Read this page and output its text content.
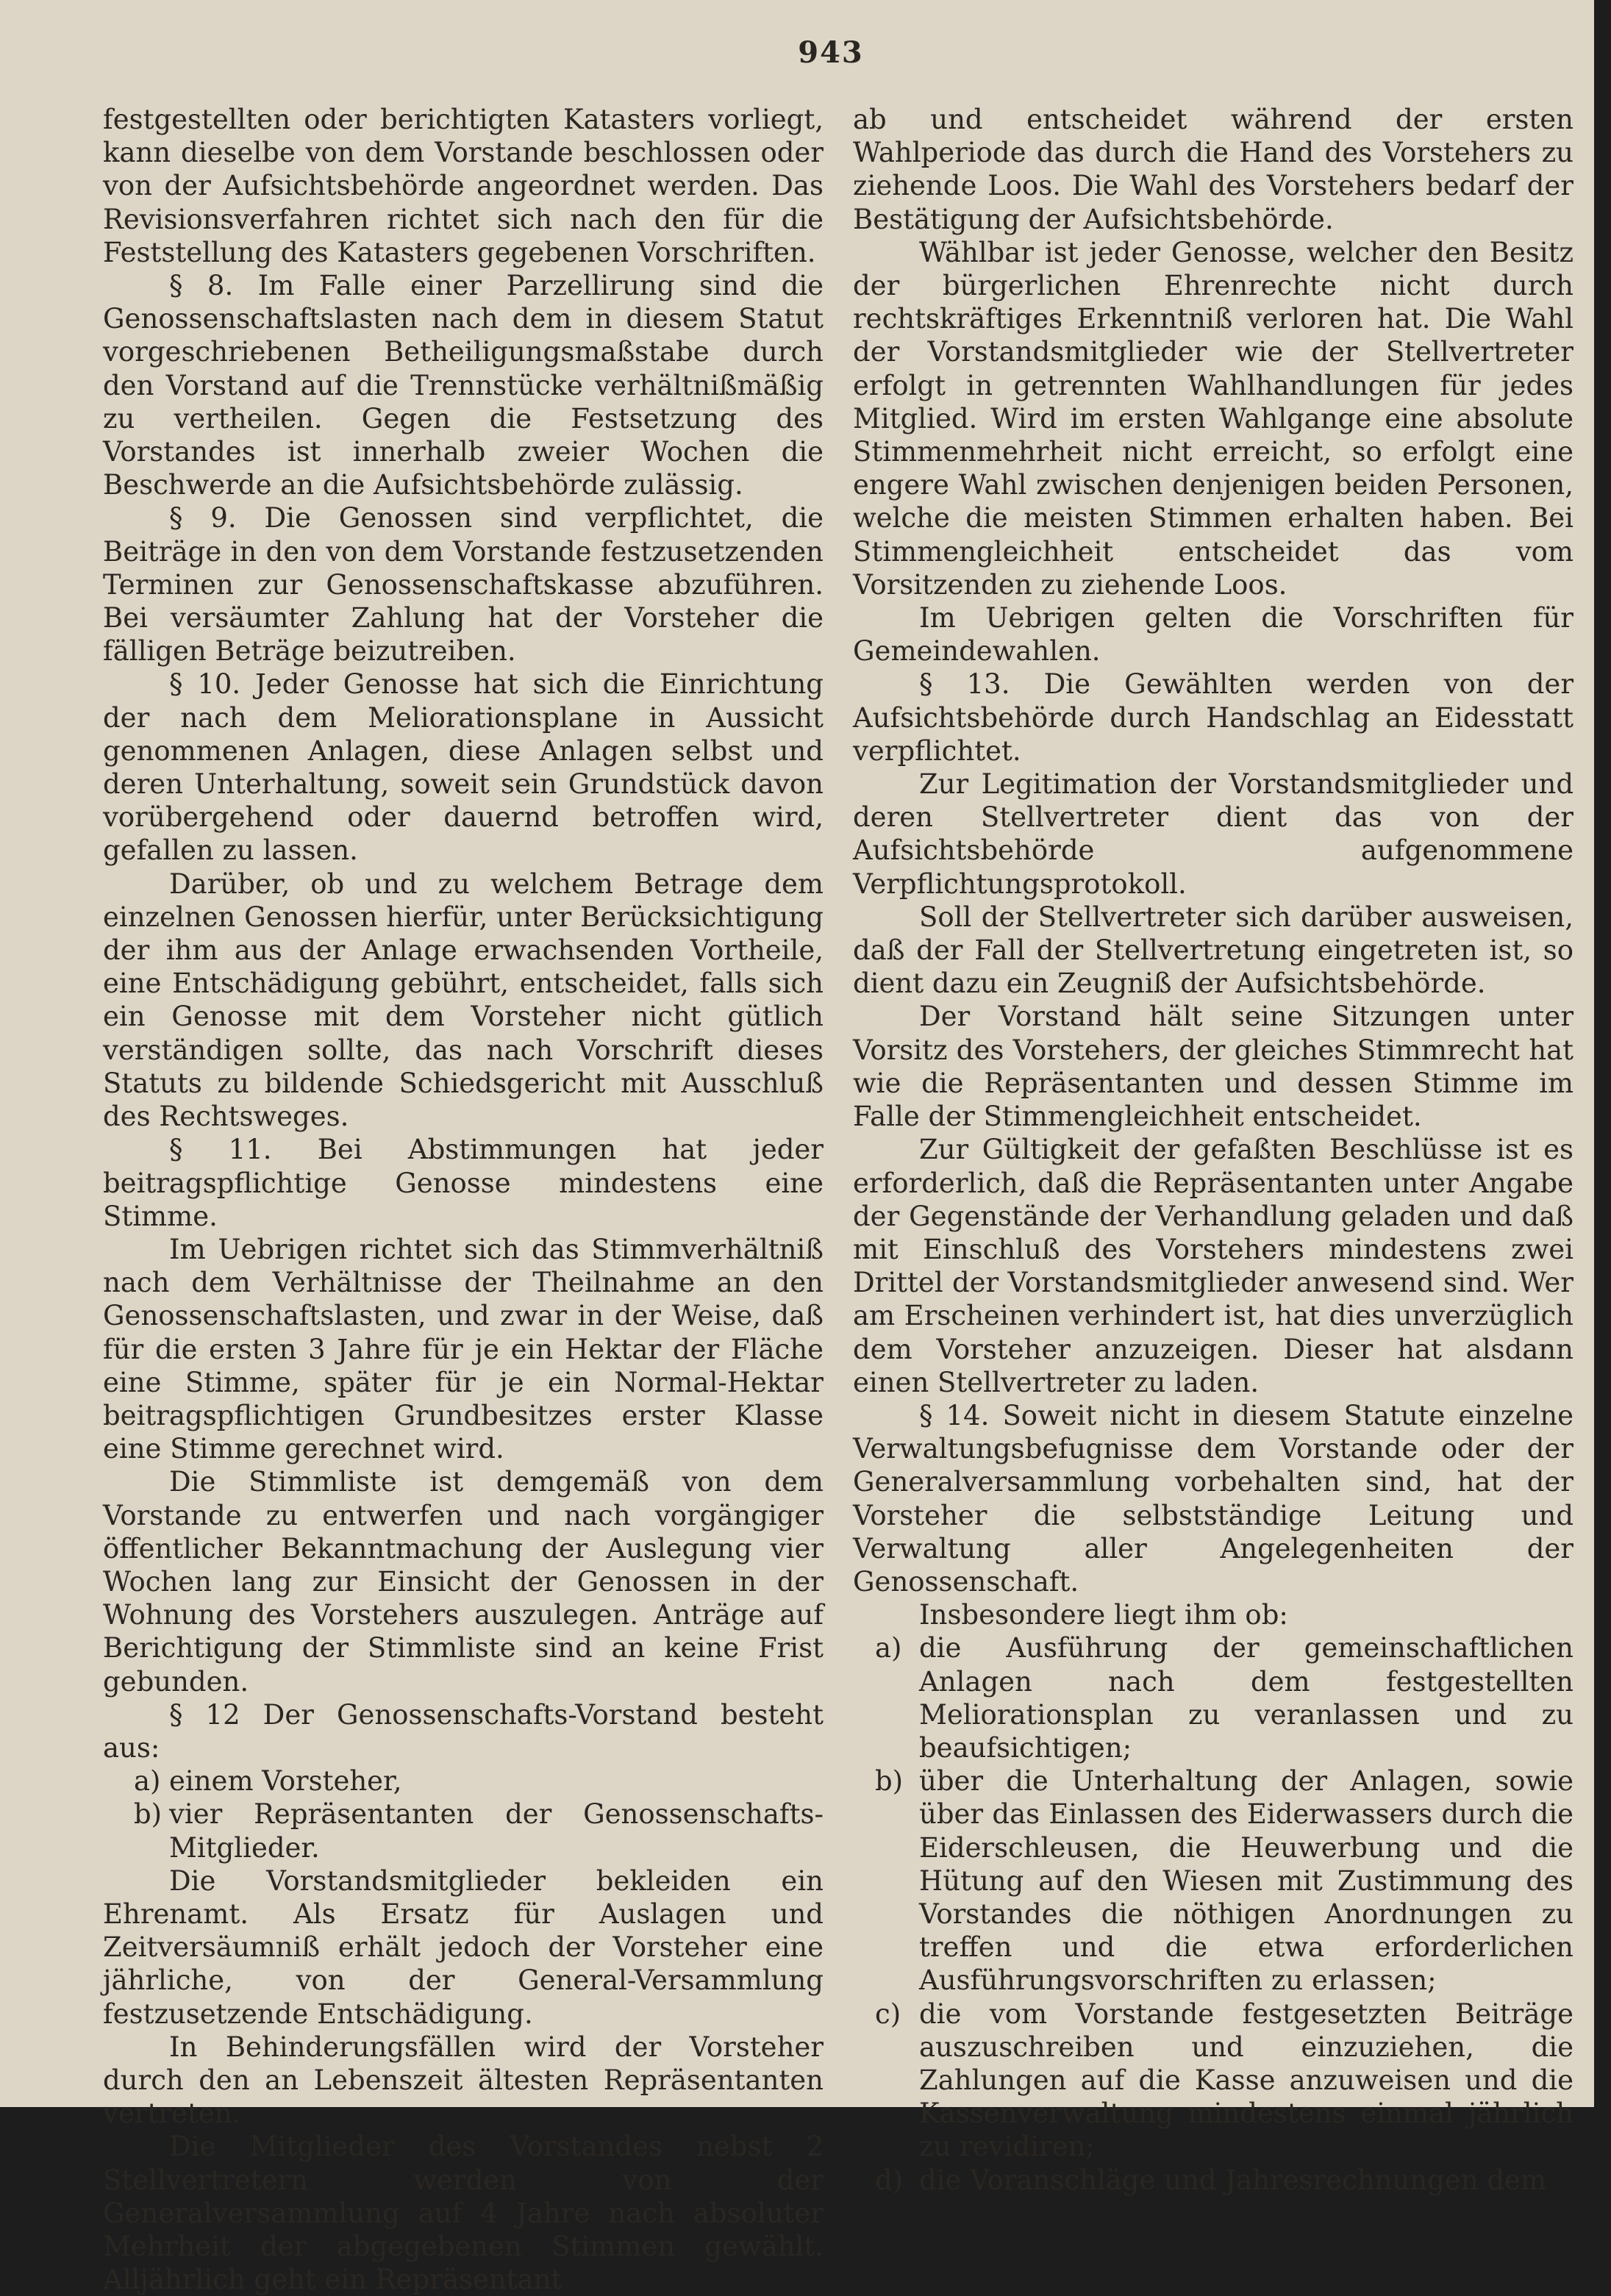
943

festgestellten oder berichtigten Katasters vorliegt, kann dieselbe von dem Vorstande beschlossen oder von der Aufsichtsbehörde angeordnet werden. Das Revisionsverfahren richtet sich nach den für die Feststellung des Katasters gegebenen Vorschriften.

§ 8. Im Falle einer Parzellirung sind die Genossenschaftslasten nach dem in diesem Statut vorgeschriebenen Betheiligungsmaßstabe durch den Vorstand auf die Trennstücke verhältnißmäßig zu vertheilen. Gegen die Festsetzung des Vorstandes ist innerhalb zweier Wochen die Beschwerde an die Aufsichtsbehörde zulässig.

§ 9. Die Genossen sind verpflichtet, die Beiträge in den von dem Vorstande festzusetzenden Terminen zur Genossenschaftskasse abzuführen. Bei versäumter Zahlung hat der Vorsteher die fälligen Beträge beizutreiben.

§ 10. Jeder Genosse hat sich die Einrichtung der nach dem Meliorationsplane in Aussicht genommenen Anlagen, diese Anlagen selbst und deren Unterhaltung, soweit sein Grundstück davon vorübergehend oder dauernd betroffen wird, gefallen zu lassen.

Darüber, ob und zu welchem Betrage dem einzelnen Genossen hierfür, unter Berücksichtigung der ihm aus der Anlage erwachsenden Vortheile, eine Entschädigung gebührt, entscheidet, falls sich ein Genosse mit dem Vorsteher nicht gütlich verständigen sollte, das nach Vorschrift dieses Statuts zu bildende Schiedsgericht mit Ausschluß des Rechtsweges.

§ 11. Bei Abstimmungen hat jeder beitragspflichtige Genosse mindestens eine Stimme.

Im Uebrigen richtet sich das Stimmverhältniß nach dem Verhältnisse der Theilnahme an den Genossenschaftslasten, und zwar in der Weise, daß für die ersten 3 Jahre für je ein Hektar der Fläche eine Stimme, später für je ein Normal-Hektar beitragspflichtigen Grundbesitzes erster Klasse eine Stimme gerechnet wird.

Die Stimmliste ist demgemäß von dem Vorstande zu entwerfen und nach vorgängiger öffentlicher Bekanntmachung der Auslegung vier Wochen lang zur Einsicht der Genossen in der Wohnung des Vorstehers auszulegen. Anträge auf Berichtigung der Stimmliste sind an keine Frist gebunden.

§ 12 Der Genossenschafts-Vorstand besteht aus:

a) einem Vorsteher,
b) vier Repräsentanten der Genossenschafts-Mitglieder.

Die Vorstandsmitglieder bekleiden ein Ehrenamt. Als Ersatz für Auslagen und Zeitversäumniß erhält jedoch der Vorsteher eine jährliche, von der General-Versammlung festzusetzende Entschädigung.

In Behinderungsfällen wird der Vorsteher durch den an Lebenszeit ältesten Repräsentanten vertreten.

Die Mitglieder des Vorstandes nebst 2 Stellvertretern werden von der Generalversammlung auf 4 Jahre nach absoluter Mehrheit der abgegebenen Stimmen gewählt. Alljährlich geht ein Repräsentant

ab und entscheidet während der ersten Wahlperiode das durch die Hand des Vorstehers zu ziehende Loos. Die Wahl des Vorstehers bedarf der Bestätigung der Aufsichtsbehörde.

Wählbar ist jeder Genosse, welcher den Besitz der bürgerlichen Ehrenrechte nicht durch rechtskräftiges Erkenntniß verloren hat. Die Wahl der Vorstandsmitglieder wie der Stellvertreter erfolgt in getrennten Wahlhandlungen für jedes Mitglied. Wird im ersten Wahlgange eine absolute Stimmenmehrheit nicht erreicht, so erfolgt eine engere Wahl zwischen denjenigen beiden Personen, welche die meisten Stimmen erhalten haben. Bei Stimmengleichheit entscheidet das vom Vorsitzenden zu ziehende Loos.

Im Uebrigen gelten die Vorschriften für Gemeindewahlen.

§ 13. Die Gewählten werden von der Aufsichtsbehörde durch Handschlag an Eidesstatt verpflichtet.

Zur Legitimation der Vorstandsmitglieder und deren Stellvertreter dient das von der Aufsichtsbehörde aufgenommene Verpflichtungsprotokoll.

Soll der Stellvertreter sich darüber ausweisen, daß der Fall der Stellvertretung eingetreten ist, so dient dazu ein Zeugniß der Aufsichtsbehörde.

Der Vorstand hält seine Sitzungen unter Vorsitz des Vorstehers, der gleiches Stimmrecht hat wie die Repräsentanten und dessen Stimme im Falle der Stimmengleichheit entscheidet.

Zur Gültigkeit der gefaßten Beschlüsse ist es erforderlich, daß die Repräsentanten unter Angabe der Gegenstände der Verhandlung geladen und daß mit Einschluß des Vorstehers mindestens zwei Drittel der Vorstandsmitglieder anwesend sind. Wer am Erscheinen verhindert ist, hat dies unverzüglich dem Vorsteher anzuzeigen. Dieser hat alsdann einen Stellvertreter zu laden.

§ 14. Soweit nicht in diesem Statute einzelne Verwaltungsbefugnisse dem Vorstande oder der Generalversammlung vorbehalten sind, hat der Vorsteher die selbstständige Leitung und Verwaltung aller Angelegenheiten der Genossenschaft.

Insbesondere liegt ihm ob:

a) die Ausführung der gemeinschaftlichen Anlagen nach dem festgestellten Meliorationsplan zu veranlassen und zu beaufsichtigen;
b) über die Unterhaltung der Anlagen, sowie über das Einlassen des Eiderwassers durch die Eiderschleusen, die Heuwerbung und die Hütung auf den Wiesen mit Zustimmung des Vorstandes die nöthigen Anordnungen zu treffen und die etwa erforderlichen Ausführungsvorschriften zu erlassen;
c) die vom Vorstande festgesetzten Beiträge auszuschreiben und einzuziehen, die Zahlungen auf die Kasse anzuweisen und die Kassenverwaltung mindestens einmal jährlich zu revidiren;
d) die Voranschläge und Jahresrechnungen dem
